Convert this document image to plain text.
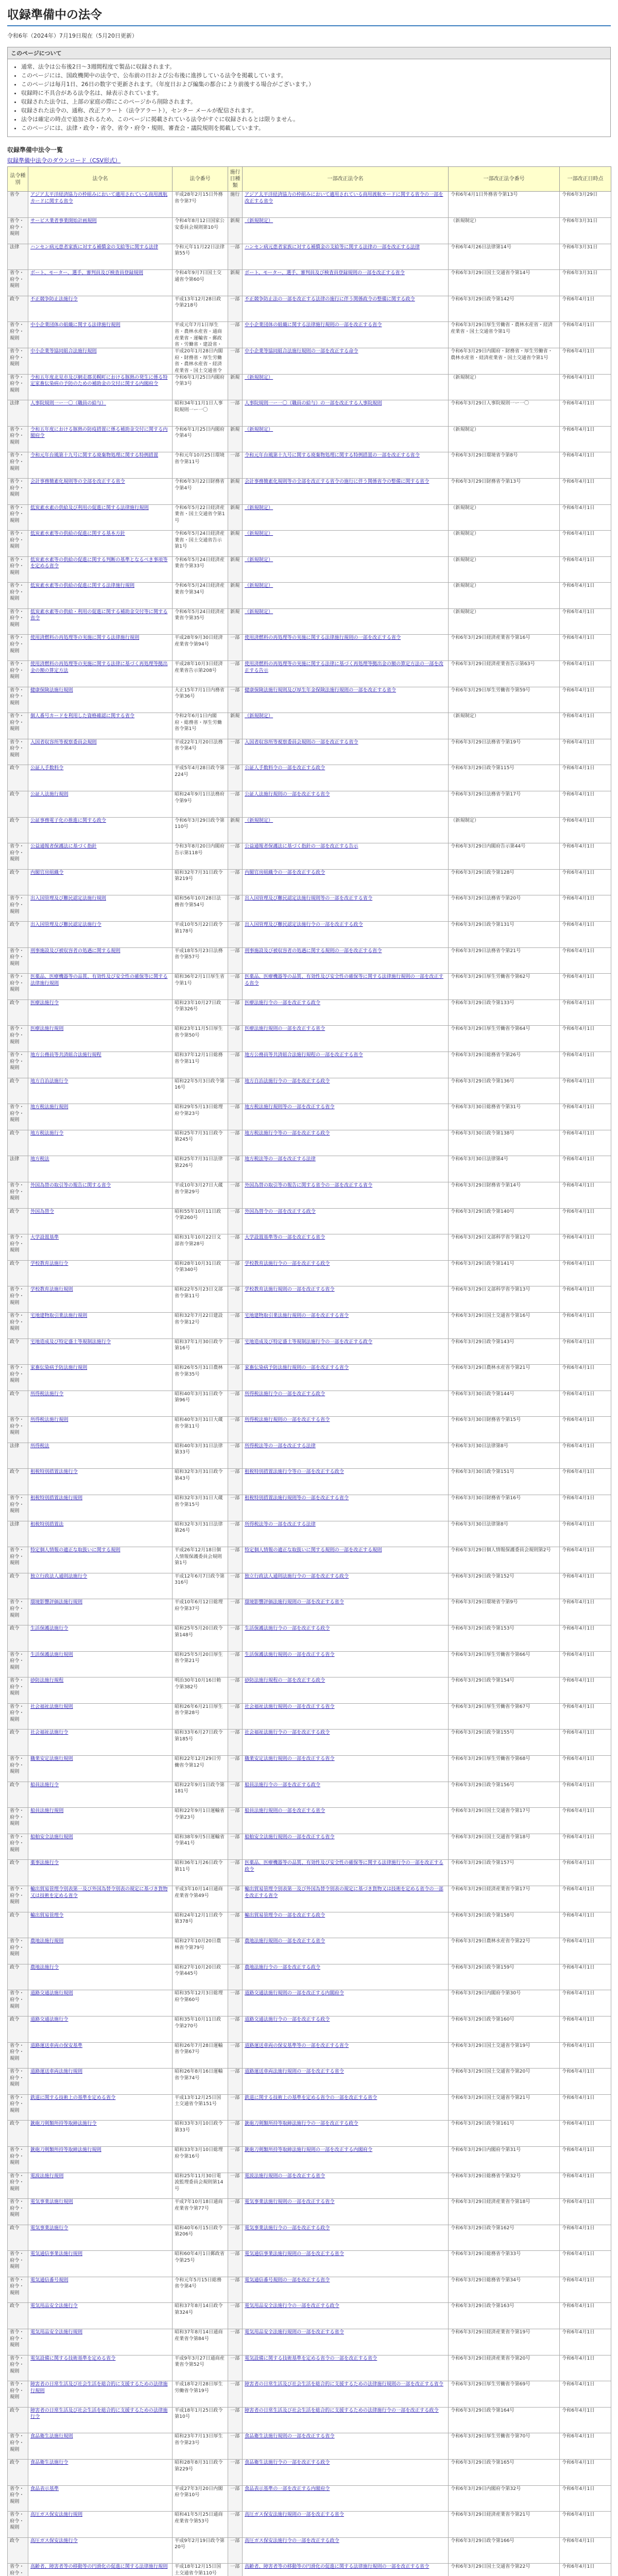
収録準備中の法令

令和6年（2024年）7月19日現在（5月20日更新）

このページについて
• 通常、法令は公布後2日〜3週間程度で製品に収録されます。
• このページには、国政機関中の法令で、公布前の日および公布後に進捗している法令を掲載しています。
• このページは毎月1日、26日の数字で更新されます。（年度日および編集の都合により前後する場合がございます。）
• 収録時に不具合がある法令名は、緑表示されています。
• 収録された法令は、上部の家庭の際にこのページから削除されます。
• 収録された法令の、通称、改正アラート（法令アラート），センター メールが配信されます。
• 法令は確定の時点で追加されるため、このページに掲載されている法令がすぐに収録されるとは限りません。
• このページには、法律・政令・省令、省令・府令・規則、審査会・議院規則を掲載しています。
収録準備中法令一覧
収録準備中法令のダウンロード（CSV形式）
法令種別	法令名	法令番号	施行日種類	一部改正法令名	一部改正法令番号	一部改正日時点

省令	アジア太平洋経済協力の枠組みにおいて適用されている商用渡航カードに関する省令	平成28年2月15日外務省令第7号	施行	アジア太平洋経済協力の枠組みにおいて適用されている商用渡航カードに関する省令の一部を改正する省令	令和6年4月1日外務省令第13号	令和6年3月29日

省令・府令・規則	サービス業者事業開始計画規則	令和4年8月12日国家公安委員会規則第10号	新規	（新規制定）	（新規制定）	令和6年3月31日

法律	ハンセン病元患者家族に対する補償金の支給等に関する法律	令和元年11月22日法律第55号	一部	ハンセン病元患者家族に対する補償金の支給等に関する法律の一部を改正する法律	令和6年4月26日法律第14号	令和6年3月31日

省令・府令・規則	ボート、モーター、選手、審判員及び検査員登録規則	令和4年9月7日国土交通省令第60号	新規	ボート、モーター、選手、審判員及び検査員登録規則の一部を改正する省令	令和6年3月29日国土交通省令第14号	令和6年3月31日

政令	不正競争防止法施行令	平成13年12月28日政令第218号	一部	不正競争防止法の一部を改正する法律の施行に伴う関係政令の整備に関する政令	令和6年3月29日政令第142号	令和6年4月1日

省令・府令・規則	中小企業団体の組織に関する法律施行規則	平成元年7月1日厚生省・農林水産省・通商産業省・運輸省・郵政省・労働省・建設省・	一部	中小企業団体の組織に関する法律施行規則の一部を改正する省令	令和6年3月29日厚生労働省・農林水産省・経済産業省・国土交通省令第1号	令和6年4月1日

省令・府令・規則	中小企業等協同組合法施行規則	平成20年1月28日内閣府・財務省・厚生労働省・農林水産省・経済産業省・国土交通省令	一部	中小企業等協同組合法施行規則の一部を改正する命令	令和6年3月29日内閣府・財務省・厚生労働省・農林水産省・経済産業省・国土交通省令第1号	令和6年4月1日

省令・府令・規則	令和五年度北見市及び網走郡美幌町における豚熱の発生に係る特定家畜伝染病の予防のための補助金の交付に関する内閣府令	令和6年1月25日内閣府令第3号	新規	（新規制定）	（新規制定）	令和6年4月1日

法律	人事院規則一ー一〇（職員の給与）	昭和34年11月1日人事院規則一ー一〇	一部	人事院規則一ー一〇（職員の給与）の一部を改正する人事院規則	令和6年3月29日人事院規則一ー一〇	令和6年4月1日

省令・府令・規則	令和五年度における豚熱の防疫措置に係る補助金交付に関する内閣府令	令和6年1月25日内閣府令第4号	新規	（新規制定）	（新規制定）	令和6年4月1日

省令・府令・規則	令和元年台風第十九号に関する廃棄物処理に関する特例措置	令和元年10月25日環境省令第11号	一部	令和元年台風第十九号に関する廃棄物処理に関する特例措置の一部を改正する省令	令和6年3月29日環境省令第8号	令和6年4月1日

省令・府令・規則	会計事務簡素化規則等の全部を改正する省令	令和6年3月22日財務省令第4号	新規	会計事務簡素化規則等の全部を改正する省令の施行に伴う関係省令の整備に関する省令	令和6年3月29日財務省令第13号	令和6年4月1日

省令・府令・規則	低炭素水素の供給及び利用の促進に関する法律施行規則	令和6年5月22日経済産業省・国土交通省令第1号	新規	（新規制定）	（新規制定）	令和6年4月1日

省令・府令・規則	低炭素水素等の供給の促進に関する基本方針	令和6年5月24日経済産業省・国土交通省告示第1号	新規	（新規制定）	（新規制定）	令和6年4月1日

省令・府令・規則	低炭素水素等の供給の促進に関する判断の基準となるべき事項等を定める省令	令和6年5月24日経済産業省令第33号	新規	（新規制定）	（新規制定）	令和6年4月1日

省令・府令・規則	低炭素水素等の供給の促進に関する法律施行規則	令和6年5月24日経済産業省令第34号	新規	（新規制定）	（新規制定）	令和6年4月1日

省令・府令・規則	低炭素水素等の供給・利用の促進に関する補助金交付等に関する省令	令和6年5月24日経済産業省令第35号	新規	（新規制定）	（新規制定）	令和6年4月1日

省令・府令・規則	使用済燃料の再処理等の実施に関する法律施行規則	平成28年9月30日経済産業省令第94号	一部	使用済燃料の再処理等の実施に関する法律施行規則の一部を改正する省令	令和6年3月29日経済産業省令第16号	令和6年4月1日

省令・府令・規則	使用済燃料の再処理等の実施に関する法律に基づく再処理等拠出金の額の算定方法	平成28年10月3日経済産業省告示第208号	一部	使用済燃料の再処理等の実施に関する法律に基づく再処理等拠出金の額の算定方法の一部を改正する告示	令和6年3月29日経済産業省告示第63号	令和6年4月1日

省令・府令・規則	健康保険法施行規則	大正15年7月1日内務省令第36号	一部	健康保険法施行規則及び厚生年金保険法施行規則の一部を改正する省令	令和6年3月29日厚生労働省令第59号	令和6年4月1日

省令・府令・規則	個人番号カードを利用した資格確認に関する省令	令和2年6月1日内閣府・総務省・厚生労働省令第1号	新規	（新規制定）	（新規制定）	令和6年4月1日

省令・府令・規則	入国者収容所等視察委員会規則	平成22年1月20日法務省令第4号	一部	入国者収容所等視察委員会規則の一部を改正する省令	令和6年3月29日法務省令第19号	令和6年4月1日

政令	公証人手数料令	平成5年4月28日政令第224号	一部	公証人手数料令の一部を改正する政令	令和6年3月29日政令第115号	令和6年4月1日

政令	公証人法施行規則	昭和24年9月1日法務府令第9号	一部	公証人法施行規則の一部を改正する省令	令和6年3月29日法務省令第17号	令和6年4月1日

政令	公証事務電子化の推進に関する政令	令和6年3月29日政令第110号	新規	（新規制定）	（新規制定）	令和6年4月1日

省令・府令・規則	公益通報者保護法に基づく指針	令和3年8月20日内閣府告示第118号	一部	公益通報者保護法に基づく指針の一部を改正する告示	令和6年3月29日内閣府告示第44号	令和6年4月1日

政令	内閣官房組織令	昭和32年7月31日政令第219号	一部	内閣官房組織令の一部を改正する政令	令和6年3月29日政令第128号	令和6年4月1日

省令・府令・規則	出入国管理及び難民認定法施行規則	昭和56年10月28日法務省令第54号	一部	出入国管理及び難民認定法施行規則等の一部を改正する省令	令和6年3月29日法務省令第20号	令和6年4月1日

政令	出入国管理及び難民認定法施行令	平成10年5月22日政令第178号	一部	出入国管理及び難民認定法施行令の一部を改正する政令	令和6年3月29日政令第131号	令和6年4月1日

省令・府令・規則	刑事施設及び被収容者の処遇に関する規則	平成18年5月23日法務省令第57号	一部	刑事施設及び被収容者の処遇に関する規則の一部を改正する省令	令和6年3月29日法務省令第21号	令和6年4月1日

省令・府令・規則	医薬品、医療機器等の品質、有効性及び安全性の確保等に関する法律施行規則	昭和36年2月1日厚生省令第1号	一部	医薬品、医療機器等の品質、有効性及び安全性の確保等に関する法律施行規則の一部を改正する省令	令和6年3月29日厚生労働省令第62号	令和6年4月1日

政令	医療法施行令	昭和23年10月27日政令第326号	一部	医療法施行令の一部を改正する政令	令和6年3月29日政令第133号	令和6年4月1日

省令・府令・規則	医療法施行規則	昭和23年11月5日厚生省令第50号	一部	医療法施行規則の一部を改正する省令	令和6年3月29日厚生労働省令第64号	令和6年4月1日

省令・府令・規則	地方公務員等共済組合法施行規程	昭和37年12月1日総務省令第11号	一部	地方公務員等共済組合法施行規程の一部を改正する省令	令和6年3月29日総務省令第26号	令和6年4月1日

政令	地方自治法施行令	昭和22年5月3日政令第16号	一部	地方自治法施行令の一部を改正する政令	令和6年3月29日政令第136号	令和6年4月1日

省令・府令・規則	地方税法施行規則	昭和29年5月13日総理府令第23号	一部	地方税法施行規則等の一部を改正する省令	令和6年3月30日総務省令第31号	令和6年4月1日

政令	地方税法施行令	昭和25年7月31日政令第245号	一部	地方税法施行令等の一部を改正する政令	令和6年3月30日政令第138号	令和6年4月1日

法律	地方税法	昭和25年7月31日法律第226号	一部	地方税法等の一部を改正する法律	令和6年3月30日法律第4号	令和6年4月1日

省令・府令・規則	外国為替の取引等の報告に関する省令	平成10年3月27日大蔵省令第29号	一部	外国為替の取引等の報告に関する省令の一部を改正する省令	令和6年3月29日財務省令第14号	令和6年4月1日

政令	外国為替令	昭和55年10月11日政令第260号	一部	外国為替令の一部を改正する政令	令和6年3月29日政令第140号	令和6年4月1日

省令・府令・規則	大学設置基準	昭和31年10月22日文部省令第28号	一部	大学設置基準等の一部を改正する省令	令和6年3月29日文部科学省令第12号	令和6年4月1日

政令	学校教育法施行令	昭和28年10月31日政令第340号	一部	学校教育法施行令の一部を改正する政令	令和6年3月29日政令第141号	令和6年4月1日

省令・府令・規則	学校教育法施行規則	昭和22年5月23日文部省令第11号	一部	学校教育法施行規則の一部を改正する省令	令和6年3月29日文部科学省令第13号	令和6年4月1日

省令・府令・規則	宅地建物取引業法施行規則	昭和32年7月22日建設省令第12号	一部	宅地建物取引業法施行規則の一部を改正する省令	令和6年3月29日国土交通省令第16号	令和6年4月1日

政令	宅地造成及び特定盛土等規制法施行令	昭和37年1月30日政令第16号	一部	宅地造成及び特定盛土等規制法施行令の一部を改正する政令	令和6年3月29日政令第143号	令和6年4月1日

省令・府令・規則	家畜伝染病予防法施行規則	昭和26年5月31日農林省令第35号	一部	家畜伝染病予防法施行規則の一部を改正する省令	令和6年3月29日農林水産省令第21号	令和6年4月1日

政令	所得税法施行令	昭和40年3月31日政令第96号	一部	所得税法施行令の一部を改正する政令	令和6年3月30日政令第144号	令和6年4月1日

省令・府令・規則	所得税法施行規則	昭和40年3月31日大蔵省令第11号	一部	所得税法施行規則の一部を改正する省令	令和6年3月30日財務省令第15号	令和6年4月1日

法律	所得税法	昭和40年3月31日法律第33号	一部	所得税法等の一部を改正する法律	令和6年3月30日法律第8号	令和6年4月1日

政令	租税特別措置法施行令	昭和32年3月31日政令第43号	一部	租税特別措置法施行令等の一部を改正する政令	令和6年3月30日政令第151号	令和6年4月1日

省令・府令・規則	租税特別措置法施行規則	昭和32年3月31日大蔵省令第15号	一部	租税特別措置法施行規則等の一部を改正する省令	令和6年3月30日財務省令第16号	令和6年4月1日

法律	租税特別措置法	昭和32年3月31日法律第26号	一部	所得税法等の一部を改正する法律	令和6年3月30日法律第8号	令和6年4月1日

省令・府令・規則	特定個人情報の適正な取扱いに関する規則	平成26年12月18日個人情報保護委員会規則第1号	一部	特定個人情報の適正な取扱いに関する規則の一部を改正する規則	令和6年3月29日個人情報保護委員会規則第2号	令和6年4月1日

政令	独立行政法人通則法施行令	平成12年6月7日政令第316号	一部	独立行政法人通則法施行令の一部を改正する政令	令和6年3月29日政令第152号	令和6年4月1日

省令・府令・規則	環境影響評価法施行規則	平成10年6月12日総理府令第37号	一部	環境影響評価法施行規則の一部を改正する省令	令和6年3月29日環境省令第9号	令和6年4月1日

政令	生活保護法施行令	昭和25年5月20日政令第148号	一部	生活保護法施行令の一部を改正する政令	令和6年3月29日政令第153号	令和6年4月1日

省令・府令・規則	生活保護法施行規則	昭和25年5月20日厚生省令第21号	一部	生活保護法施行規則の一部を改正する省令	令和6年3月29日厚生労働省令第66号	令和6年4月1日

省令・府令・規則	砂防法施行規程	明治30年10月16日勅令第382号	一部	砂防法施行規程の一部を改正する政令	令和6年3月29日政令第154号	令和6年4月1日

省令・府令・規則	社会福祉法施行規則	昭和26年6月21日厚生省令第28号	一部	社会福祉法施行規則の一部を改正する省令	令和6年3月29日厚生労働省令第67号	令和6年4月1日

政令	社会福祉法施行令	昭和33年6月27日政令第185号	一部	社会福祉法施行令の一部を改正する政令	令和6年3月29日政令第155号	令和6年4月1日

省令・府令・規則	職業安定法施行規則	昭和22年12月29日労働省令第12号	一部	職業安定法施行規則の一部を改正する省令	令和6年3月29日厚生労働省令第68号	令和6年4月1日

政令	船員法施行令	昭和22年9月1日政令第181号	一部	船員法施行令の一部を改正する政令	令和6年3月29日政令第156号	令和6年4月1日

省令・府令・規則	船員法施行規則	昭和22年9月1日運輸省令第23号	一部	船員法施行規則の一部を改正する省令	令和6年3月29日国土交通省令第17号	令和6年4月1日

省令・府令・規則	船舶安全法施行規則	昭和38年9月5日運輸省令第41号	一部	船舶安全法施行規則の一部を改正する省令	令和6年3月29日国土交通省令第18号	令和6年4月1日

政令	薬事法施行令	昭和36年1月26日政令第11号	一部	医薬品、医療機器等の品質、有効性及び安全性の確保等に関する法律施行令の一部を改正する政令	令和6年3月29日政令第157号	令和6年4月1日

省令・府令・規則	輸出貿易管理令別表第一及び外国為替令別表の規定に基づき貨物又は技術を定める省令	平成3年10月14日通商産業省令第49号	一部	輸出貿易管理令別表第一及び外国為替令別表の規定に基づき貨物又は技術を定める省令の一部を改正する省令	令和6年3月29日経済産業省令第17号	令和6年4月1日

政令	輸出貿易管理令	昭和24年12月1日政令第378号	一部	輸出貿易管理令の一部を改正する政令	令和6年3月29日政令第158号	令和6年4月1日

省令・府令・規則	農地法施行規則	昭和27年10月20日農林省令第79号	一部	農地法施行規則の一部を改正する省令	令和6年3月29日農林水産省令第22号	令和6年4月1日

政令	農地法施行令	昭和27年10月20日政令第445号	一部	農地法施行令の一部を改正する政令	令和6年3月29日政令第159号	令和6年4月1日

省令・府令・規則	道路交通法施行規則	昭和35年12月3日総理府令第60号	一部	道路交通法施行規則の一部を改正する内閣府令	令和6年3月29日内閣府令第30号	令和6年4月1日

政令	道路交通法施行令	昭和35年10月11日政令第270号	一部	道路交通法施行令の一部を改正する政令	令和6年3月29日政令第160号	令和6年4月1日

省令・府令・規則	道路運送車両の保安基準	昭和26年7月28日運輸省令第67号	一部	道路運送車両の保安基準等の一部を改正する省令	令和6年3月29日国土交通省令第19号	令和6年4月1日

省令・府令・規則	道路運送車両法施行規則	昭和26年8月16日運輸省令第74号	一部	道路運送車両法施行規則の一部を改正する省令	令和6年3月29日国土交通省令第20号	令和6年4月1日

省令・府令・規則	鉄道に関する技術上の基準を定める省令	平成13年12月25日国土交通省令第151号	一部	鉄道に関する技術上の基準を定める省令の一部を改正する省令	令和6年3月29日国土交通省令第21号	令和6年4月1日

政令	銃砲刀剣類所持等取締法施行令	昭和33年3月10日政令第33号	一部	銃砲刀剣類所持等取締法施行令の一部を改正する政令	令和6年3月29日政令第161号	令和6年4月1日

省令・府令・規則	銃砲刀剣類所持等取締法施行規則	昭和33年3月10日総理府令第16号	一部	銃砲刀剣類所持等取締法施行規則の一部を改正する内閣府令	令和6年3月29日内閣府令第31号	令和6年4月1日

省令・府令・規則	電波法施行規則	昭和25年11月30日電波監理委員会規則第14号	一部	電波法施行規則の一部を改正する省令	令和6年3月29日総務省令第32号	令和6年4月1日

省令・府令・規則	電気事業法施行規則	平成7年10月18日通商産業省令第77号	一部	電気事業法施行規則の一部を改正する省令	令和6年3月29日経済産業省令第18号	令和6年4月1日

政令	電気事業法施行令	昭和40年6月15日政令第206号	一部	電気事業法施行令の一部を改正する政令	令和6年3月29日政令第162号	令和6年4月1日

省令・府令・規則	電気通信事業法施行規則	昭和60年4月1日郵政省令第25号	一部	電気通信事業法施行規則の一部を改正する省令	令和6年3月29日総務省令第33号	令和6年4月1日

省令・府令・規則	電気通信番号規則	令和元年5月15日総務省令第4号	一部	電気通信番号規則の一部を改正する省令	令和6年3月29日総務省令第34号	令和6年4月1日

政令	電気用品安全法施行令	昭和37年8月14日政令第324号	一部	電気用品安全法施行令の一部を改正する政令	令和6年3月29日政令第163号	令和6年4月1日

省令・府令・規則	電気用品安全法施行規則	昭和37年8月14日通商産業省令第84号	一部	電気用品安全法施行規則の一部を改正する省令	令和6年3月29日経済産業省令第19号	令和6年4月1日

省令・府令・規則	電気設備に関する技術基準を定める省令	平成9年3月27日通商産業省令第52号	一部	電気設備に関する技術基準を定める省令の一部を改正する省令	令和6年3月29日経済産業省令第20号	令和6年4月1日

省令・府令・規則	障害者の日常生活及び社会生活を総合的に支援するための法律施行規則	平成18年2月28日厚生労働省令第19号	一部	障害者の日常生活及び社会生活を総合的に支援するための法律施行規則の一部を改正する省令	令和6年3月29日厚生労働省令第69号	令和6年4月1日

政令	障害者の日常生活及び社会生活を総合的に支援するための法律施行令	平成18年1月25日政令第10号	一部	障害者の日常生活及び社会生活を総合的に支援するための法律施行令の一部を改正する政令	令和6年3月29日政令第164号	令和6年4月1日

省令・府令・規則	食品衛生法施行規則	昭和23年7月13日厚生省令第23号	一部	食品衛生法施行規則の一部を改正する省令	令和6年3月29日厚生労働省令第70号	令和6年4月1日

政令	食品衛生法施行令	昭和28年8月31日政令第229号	一部	食品衛生法施行令の一部を改正する政令	令和6年3月29日政令第165号	令和6年4月1日

省令・府令・規則	食品表示基準	平成27年3月20日内閣府令第10号	一部	食品表示基準の一部を改正する内閣府令	令和6年3月29日内閣府令第32号	令和6年4月1日

省令・府令・規則	高圧ガス保安法施行規則	昭和41年5月25日通商産業省令第53号	一部	高圧ガス保安法施行規則の一部を改正する省令	令和6年3月29日経済産業省令第21号	令和6年4月1日

政令	高圧ガス保安法施行令	平成9年2月19日政令第20号	一部	高圧ガス保安法施行令の一部を改正する政令	令和6年3月29日政令第166号	令和6年4月1日

省令・府令・	高齢者、障害者等の移動等の円滑化の促進に関する法律施行規則	平成18年12月15日国土交通省令第110号	一部	高齢者、障害者等の移動等の円滑化の促進に関する法律施行規則の一部を改正する省令	令和6年3月29日国土交通省令第22号	令和6年4月1日
